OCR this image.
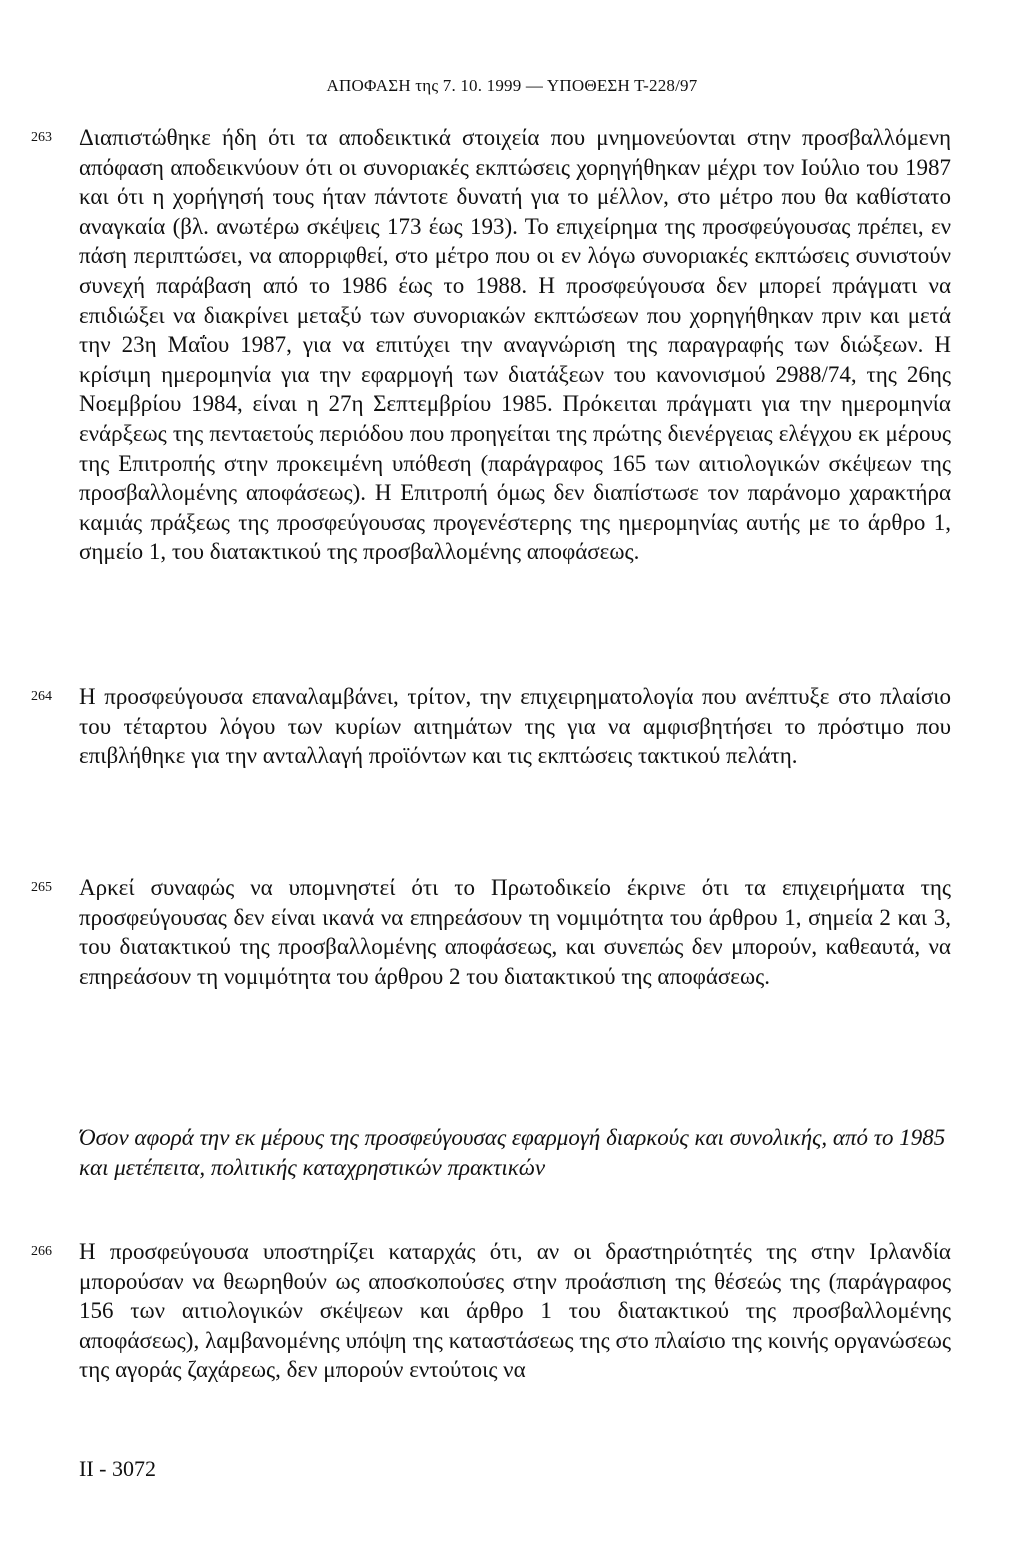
ΑΠΟΦΑΣΗ της 7. 10. 1999 — ΥΠΟΘΕΣΗ Τ-228/97
263 Διαπιστώθηκε ήδη ότι τα αποδεικτικά στοιχεία που μνημονεύονται στην προσβαλλόμενη απόφαση αποδεικνύουν ότι οι συνοριακές εκπτώσεις χορηγήθηκαν μέχρι τον Ιούλιο του 1987 και ότι η χορήγησή τους ήταν πάντοτε δυνατή για το μέλλον, στο μέτρο που θα καθίστατο αναγκαία (βλ. ανωτέρω σκέψεις 173 έως 193). Το επιχείρημα της προσφεύγουσας πρέπει, εν πάση περιπτώσει, να απορριφθεί, στο μέτρο που οι εν λόγω συνοριακές εκπτώσεις συνιστούν συνεχή παράβαση από το 1986 έως το 1988. Η προσφεύγουσα δεν μπορεί πράγματι να επιδιώξει να διακρίνει μεταξύ των συνοριακών εκπτώσεων που χορηγήθηκαν πριν και μετά την 23η Μαΐου 1987, για να επιτύχει την αναγνώριση της παραγραφής των διώξεων. Η κρίσιμη ημερομηνία για την εφαρμογή των διατάξεων του κανονισμού 2988/74, της 26ης Νοεμβρίου 1984, είναι η 27η Σεπτεμβρίου 1985. Πρόκειται πράγματι για την ημερομηνία ενάρξεως της πενταετούς περιόδου που προηγείται της πρώτης διενέργειας ελέγχου εκ μέρους της Επιτροπής στην προκειμένη υπόθεση (παράγραφος 165 των αιτιολογικών σκέψεων της προσβαλλομένης αποφάσεως). Η Επιτροπή όμως δεν διαπίστωσε τον παράνομο χαρακτήρα καμιάς πράξεως της προσφεύγουσας προγενέστερης της ημερομηνίας αυτής με το άρθρο 1, σημείο 1, του διατακτικού της προσβαλλομένης αποφάσεως.
264 Η προσφεύγουσα επαναλαμβάνει, τρίτον, την επιχειρηματολογία που ανέπτυξε στο πλαίσιο του τέταρτου λόγου των κυρίων αιτημάτων της για να αμφισβητήσει το πρόστιμο που επιβλήθηκε για την ανταλλαγή προϊόντων και τις εκπτώσεις τακτικού πελάτη.
265 Αρκεί συναφώς να υπομνηστεί ότι το Πρωτοδικείο έκρινε ότι τα επιχειρήματα της προσφεύγουσας δεν είναι ικανά να επηρεάσουν τη νομιμότητα του άρθρου 1, σημεία 2 και 3, του διατακτικού της προσβαλλομένης αποφάσεως, και συνεπώς δεν μπορούν, καθεαυτά, να επηρεάσουν τη νομιμότητα του άρθρου 2 του διατακτικού της αποφάσεως.
Όσον αφορά την εκ μέρους της προσφεύγουσας εφαρμογή διαρκούς και συνολικής, από το 1985 και μετέπειτα, πολιτικής καταχρηστικών πρακτικών
266 Η προσφεύγουσα υποστηρίζει καταρχάς ότι, αν οι δραστηριότητές της στην Ιρλανδία μπορούσαν να θεωρηθούν ως αποσκοπούσες στην προάσπιση της θέσεώς της (παράγραφος 156 των αιτιολογικών σκέψεων και άρθρο 1 του διατακτικού της προσβαλλομένης αποφάσεως), λαμβανομένης υπόψη της καταστάσεως της στο πλαίσιο της κοινής οργανώσεως της αγοράς ζαχάρεως, δεν μπορούν εντούτοις να
II - 3072
